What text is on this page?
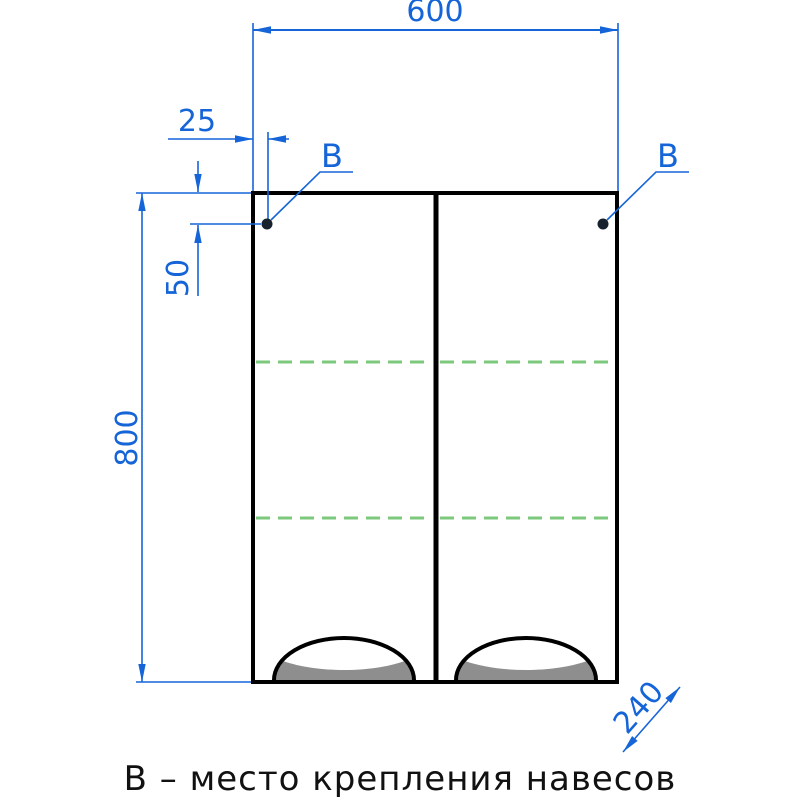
600
25
50
800
240
В	В
В – место крепления навесов
